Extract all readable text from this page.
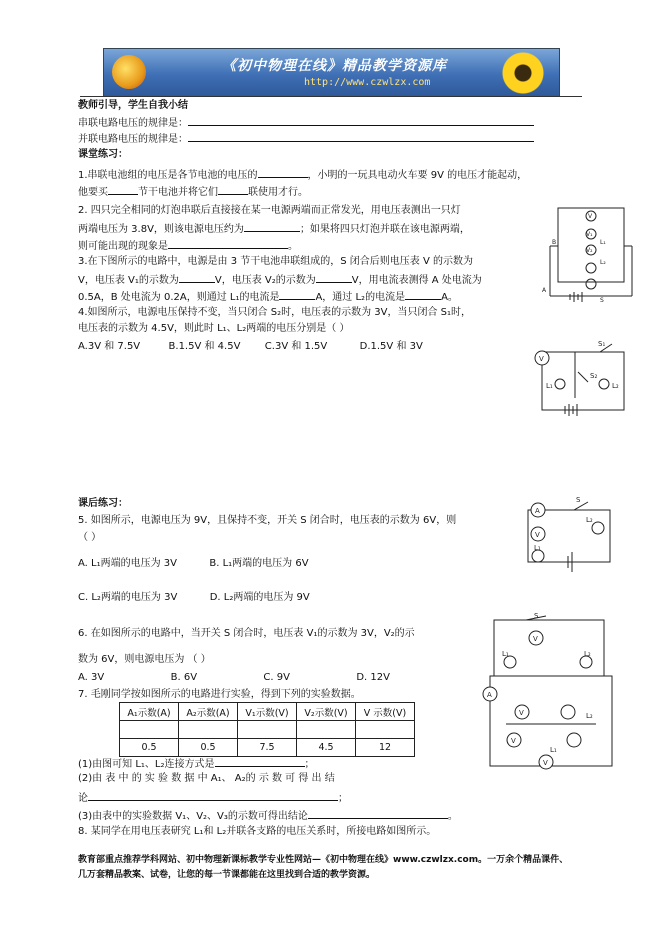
《初中物理在线》精品教学资源库
http://www.czwlzx.com
教师引导，学生自我小结
串联电路电压的规律是：
并联电路电压的规律是：
课堂练习：
1.串联电池组的电压是各节电池的电压的	，小明的一玩具电动火车要 9V 的电压才能起动，
他要买	节干电池并将它们	联使用才行。
2. 四只完全相同的灯泡串联后直接接在某一电源两端而正常发光，用电压表测出一只灯
两端电压为 3.8V，则该电源电压约为	；如果将四只灯泡并联在该电源两端，
则可能出现的现象是	。
3.在下图所示的电路中，电源是由 3 节干电池串联组成的，S 闭合后则电压表 V 的示数为
V，电压表 V₁的示数为	V，电压表 V₂的示数为	V，用电流表测得 A 处电流为
0.5A，B 处电流为 0.2A，则通过 L₁的电流是	A，通过 L₂的电流是	A。
4.如图所示，电源电压保持不变，当只闭合 S₂时，电压表的示数为 3V，当只闭合 S₁时，
电压表的示数为 4.5V，则此时 L₁、L₂两端的电压分别是（ ）
A.3V 和 7.5V	B.1.5V 和 4.5V C.3V 和 1.5V	D.1.5V 和 3V
V
V₁
L₁
V₂
L₂
B
A
S
V
S₁
S₂
L₁	L₂
课后练习：
5. 如图所示，电源电压为 9V，且保持不变，开关 S 闭合时，电压表的示数为 6V，则
（ ）
A. L₁两端的电压为 3V	B. L₁两端的电压为 6V
C. L₂两端的电压为 3V	D. L₂两端的电压为 9V
A
V
S
L₂
L₁
6. 在如图所示的电路中，当开关 S 闭合时，电压表 V₁的示数为 3V，V₂的示
数为 6V，则电源电压为 （ ）
A. 3V	B. 6V	C. 9V	D. 12V
S
V
L₁	L₂
A
V
V
L₂
L₁
V
7. 毛刚同学按如图所示的电路进行实验，得到下列的实验数据。
A₁示数(A)	A₂示数(A)	V₁示数(V)	V₂示数(V)	V 示数(V)

0.5	0.5	7.5	4.5	12
(1)由图可知 L₁、L₂连接方式是	；
(2)由 表 中 的 实 验 数 据 中 A₁、 A₂的 示 数 可 得 出 结
论	；
(3)由表中的实验数据 V₁、V₂、V₃的示数可得出结论	。
8. 某同学在用电压表研究 L₁和 L₂并联各支路的电压关系时，所接电路如图所示。
教育部重点推荐学科网站、初中物理新课标教学专业性网站—《初中物理在线》www.czwlzx.com。一万余个精品课件、
几万套精品教案、试卷，让您的每一节课都能在这里找到合适的教学资源。
